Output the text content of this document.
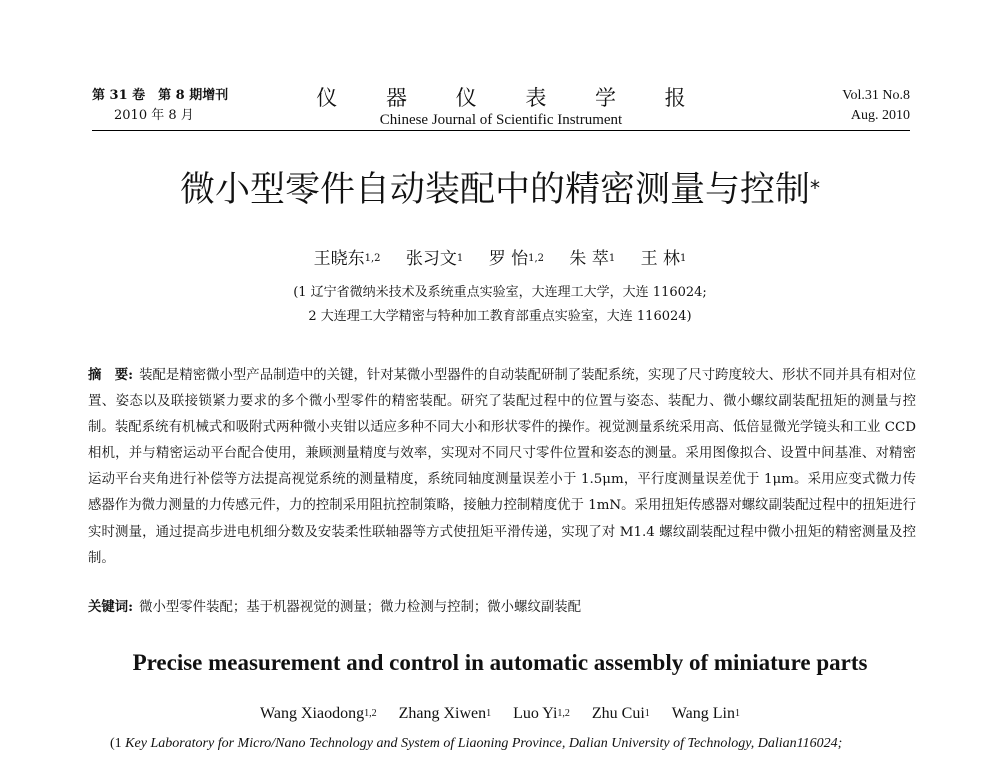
第 31 卷　第 8 期增刊
2010 年 8 月
仪 器 仪 表 学 报
Chinese Journal of Scientific Instrument
Vol.31 No.8
Aug. 2010
微小型零件自动装配中的精密测量与控制*
王晓东$^{1,2}$ 张习文$^1$ 罗 怡$^{1,2}$ 朱 萃$^1$ 王 林$^1$
(1 辽宁省微纳米技术及系统重点实验室，大连理工大学，大连 116024;
2 大连理工大学精密与特种加工教育部重点实验室，大连 116024)
摘　要: 装配是精密微小型产品制造中的关键，针对某微小型器件的自动装配研制了装配系统，实现了尺寸跨度较大、形状不同并具有相对位置、姿态以及联接锁紧力要求的多个微小型零件的精密装配。研究了装配过程中的位置与姿态、装配力、微小螺纹副装配扭矩的测量与控制。装配系统有机械式和吸附式两种微小夹钳以适应多种不同大小和形状零件的操作。视觉测量系统采用高、低倍显微光学镜头和工业 CCD 相机，并与精密运动平台配合使用，兼顾测量精度与效率，实现对不同尺寸零件位置和姿态的测量。采用图像拟合、设置中间基准、对精密运动平台夹角进行补偿等方法提高视觉系统的测量精度，系统同轴度测量误差小于 1.5μm，平行度测量误差优于 1μm。采用应变式微力传感器作为微力测量的力传感元件，力的控制采用阻抗控制策略，接触力控制精度优于 1mN。采用扭矩传感器对螺纹副装配过程中的扭矩进行实时测量，通过提高步进电机细分数及安装柔性联轴器等方式使扭矩平滑传递，实现了对 M1.4 螺纹副装配过程中微小扭矩的精密测量及控制。
关键词: 微小型零件装配；基于机器视觉的测量；微力检测与控制；微小螺纹副装配
Precise measurement and control in automatic assembly of miniature parts
Wang Xiaodong$^{1,2}$ Zhang Xiwen$^1$ Luo Yi$^{1,2}$ Zhu Cui$^1$ Wang Lin$^1$
(1 Key Laboratory for Micro/Nano Technology and System of Liaoning Province, Dalian University of Technology, Dalian116024;
